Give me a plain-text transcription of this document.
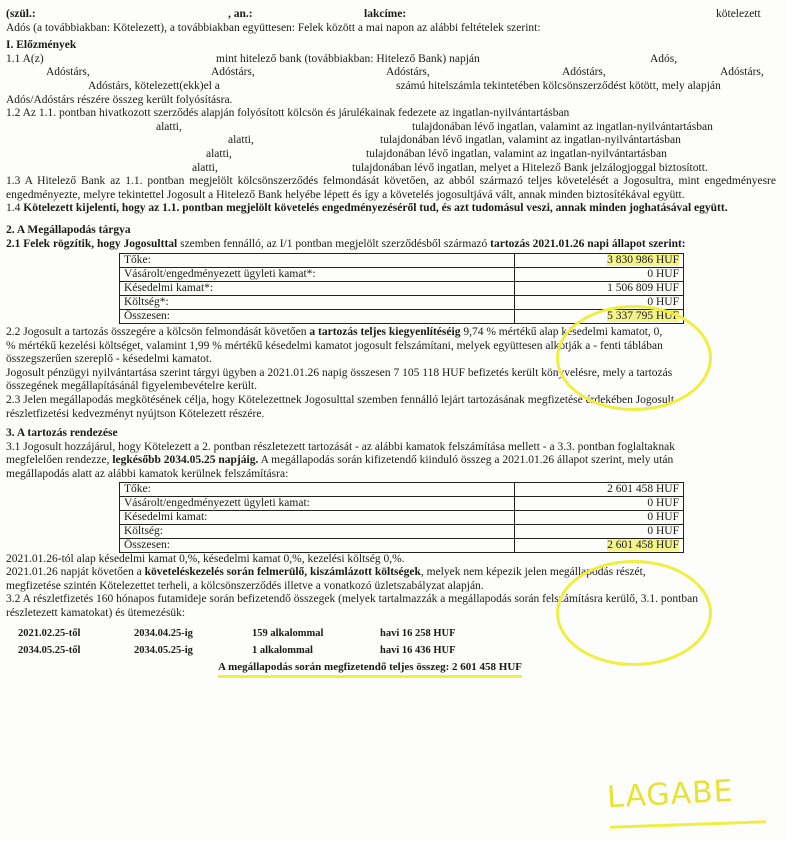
(szül.:	, an.:	lakcíme:	kötelezett
Adós (a továbbiakban: Kötelezett), a továbbiakban együttesen: Felek között a mai napon az alábbi feltételek szerint:
I. Előzmények
1.1 A(z)	mint hitelező bank (továbbiakban: Hitelező Bank) napján	Adós,
Adóstárs,	Adóstárs,	Adóstárs,	Adóstárs,	Adóstárs,
Adóstárs, kötelezett(ekk)el a	számú hitelszámla tekintetében kölcsönszerződést kötött, mely alapján
Adós/Adóstárs részére összeg került folyósításra.
1.2 Az 1.1. pontban hivatkozott szerződés alapján folyósított kölcsön és járulékainak fedezete az ingatlan-nyilvántartásban
alatti,	tulajdonában lévő ingatlan, valamint az ingatlan-nyilvántartásban
alatti,	tulajdonában lévő ingatlan, valamint az ingatlan-nyilvántartásban
alatti,	tulajdonában lévő ingatlan, valamint az ingatlan-nyilvántartásban
alatti,	tulajdonában lévő ingatlan, melyet a Hitelező Bank jelzálogjoggal biztosított.
1.3 A Hitelező Bank az 1.1. pontban megjelölt kölcsönszerződés felmondását követően, az abból származó teljes követelését a Jogosultra, mint engedményesre engedményezte, melyre tekintettel Jogosult a Hitelező Bank helyébe lépett és így a követelés jogosultjává vált, annak minden biztosítékával együtt.
1.4 Kötelezett kijelenti, hogy az 1.1. pontban megjelölt követelés engedményezéséről tud, és azt tudomásul veszi, annak minden joghatásával együtt.
2. A Megállapodás tárgya
2.1 Felek rögzítik, hogy Jogosulttal szemben fennálló, az I/1 pontban megjelölt szerződésből származó tartozás 2021.01.26 napi állapot szerint:
Tőke:	3 830 986 HUF
Vásárolt/engedményezett ügyleti kamat*:	0 HUF
Késedelmi kamat*:	1 506 809 HUF
Költség*:	0 HUF
Összesen:	5 337 795 HUF
2.2 Jogosult a tartozás összegére a kölcsön felmondását követően a tartozás teljes kiegyenlítéséig 9,74 % mértékű alap késedelmi kamatot, 0,
% mértékű kezelési költséget, valamint 1,99 % mértékű késedelmi kamatot jogosult felszámítani, melyek együttesen alkotják a - fenti táblában
összegszerűen szereplő - késedelmi kamatot.
Jogosult pénzügyi nyilvántartása szerint tárgyi ügyben a 2021.01.26 napig összesen 7 105 118 HUF befizetés került könyvelésre, mely a tartozás
összegének megállapításánál figyelembevételre került.
2.3 Jelen megállapodás megkötésének célja, hogy Kötelezettnek Jogosulttal szemben fennálló lejárt tartozásának megfizetése érdekében Jogosult
részletfizetési kedvezményt nyújtson Kötelezett részére.
3. A tartozás rendezése
3.1 Jogosult hozzájárul, hogy Kötelezett a 2. pontban részletezett tartozását - az alábbi kamatok felszámítása mellett - a 3.3. pontban foglaltaknak
megfelelően rendezze, legkésőbb 2034.05.25 napjáig. A megállapodás során kifizetendő kiinduló összeg a 2021.01.26 állapot szerint, mely után
megállapodás alatt az alábbi kamatok kerülnek felszámításra:
Tőke:	2 601 458 HUF
Vásárolt/engedményezett ügyleti kamat:	0 HUF
Késedelmi kamat:	0 HUF
Költség:	0 HUF
Összesen:	2 601 458 HUF
2021.01.26-tól alap késedelmi kamat 0,%, késedelmi kamat 0,%, kezelési költség 0,%.
2021.01.26 napját követően a követeléskezelés során felmerülő, kiszámlázott költségek, melyek nem képezik jelen megállapodás részét,
megfizetése szintén Kötelezettet terheli, a kölcsönszerződés illetve a vonatkozó üzletszabályzat alapján.
3.2 A részletfizetés 160 hónapos futamideje során befizetendő összegek (melyek tartalmazzák a megállapodás során felszámításra kerülő, 3.1. pontban
részletezett kamatokat) és ütemezésük:
2021.02.25-től	2034.04.25-ig	159 alkalommal	havi 16 258 HUF
2034.05.25-től	2034.05.25-ig	1 alkalommal	havi 16 436 HUF
A megállapodás során megfizetendő teljes összeg: 2 601 458 HUF
LAGABE
